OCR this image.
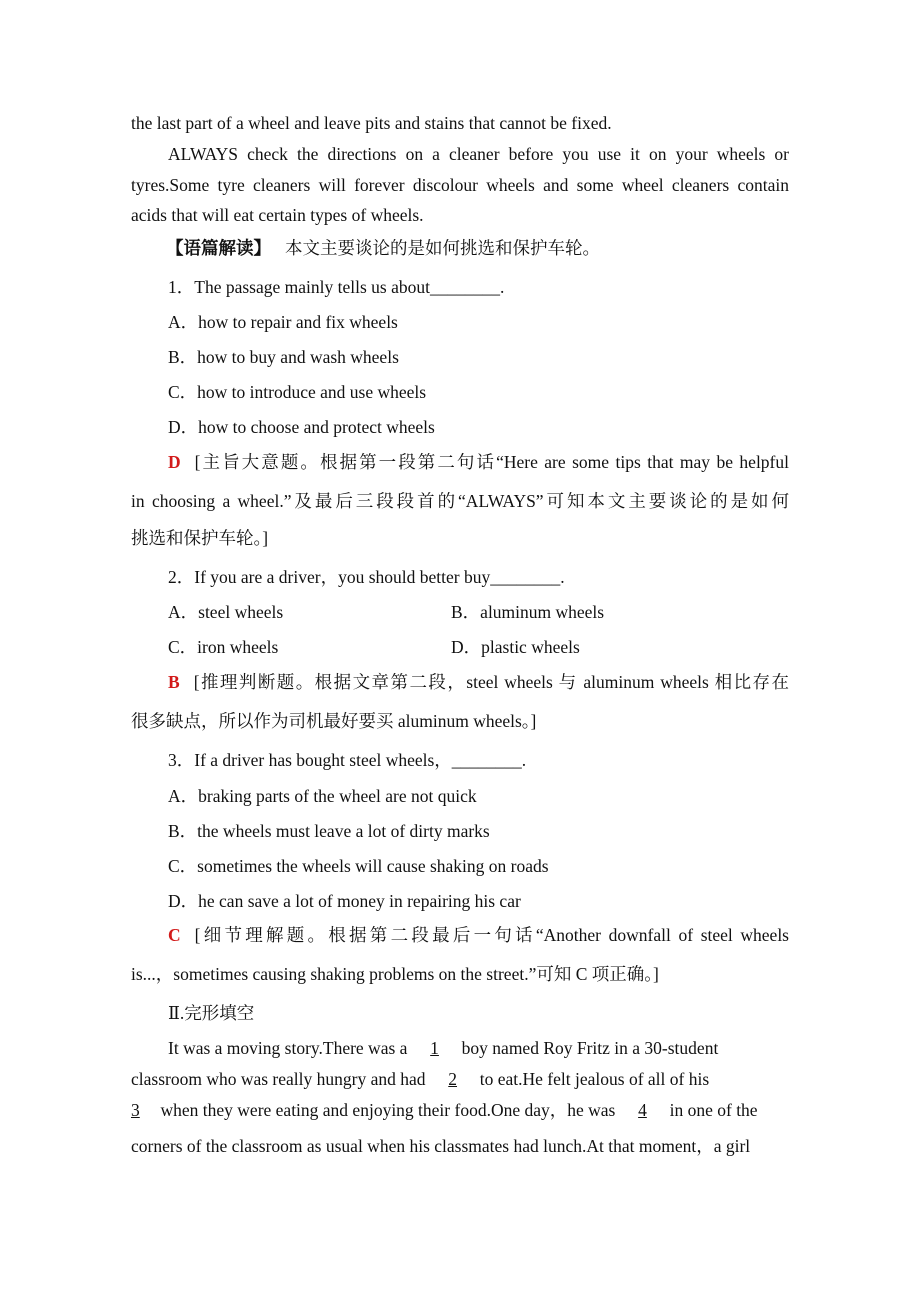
the last part of a wheel and leave pits and stains that cannot be fixed.
ALWAYS check the directions on a cleaner before you use it on your wheels or
tyres.Some tyre cleaners will forever discolour wheels and some wheel cleaners contain
acids that will eat certain types of wheels.
【语篇解读】 本文主要谈论的是如何挑选和保护车轮。
1．The passage mainly tells us about________.
A．how to repair and fix wheels
B．how to buy and wash wheels
C．how to introduce and use wheels
D．how to choose and protect wheels
D [主旨大意题。根据第一段第二句话“Here are some tips that may be helpful
in choosing a wheel.”及最后三段段首的“ALWAYS”可知本文主要谈论的是如何
挑选和保护车轮。]
2．If you are a driver，you should better buy________.
A．steel wheels	B．aluminum wheels
C．iron wheels	D．plastic wheels
B [推理判断题。根据文章第二段，steel wheels 与 aluminum wheels 相比存在
很多缺点，所以作为司机最好要买 aluminum wheels。]
3．If a driver has bought steel wheels，________.
A．braking parts of the wheel are not quick
B．the wheels must leave a lot of dirty marks
C．sometimes the wheels will cause shaking on roads
D．he can save a lot of money in repairing his car
C [细节理解题。根据第二段最后一句话“Another downfall of steel wheels
is...，sometimes causing shaking problems on the street.”可知 C 项正确。]
Ⅱ.完形填空
It was a moving story.There was a 1 boy named Roy Fritz in a 30-student
classroom who was really hungry and had 2 to eat.He felt jealous of all of his
3 when they were eating and enjoying their food.One day，he was 4 in one of the
corners of the classroom as usual when his classmates had lunch.At that moment，a girl
